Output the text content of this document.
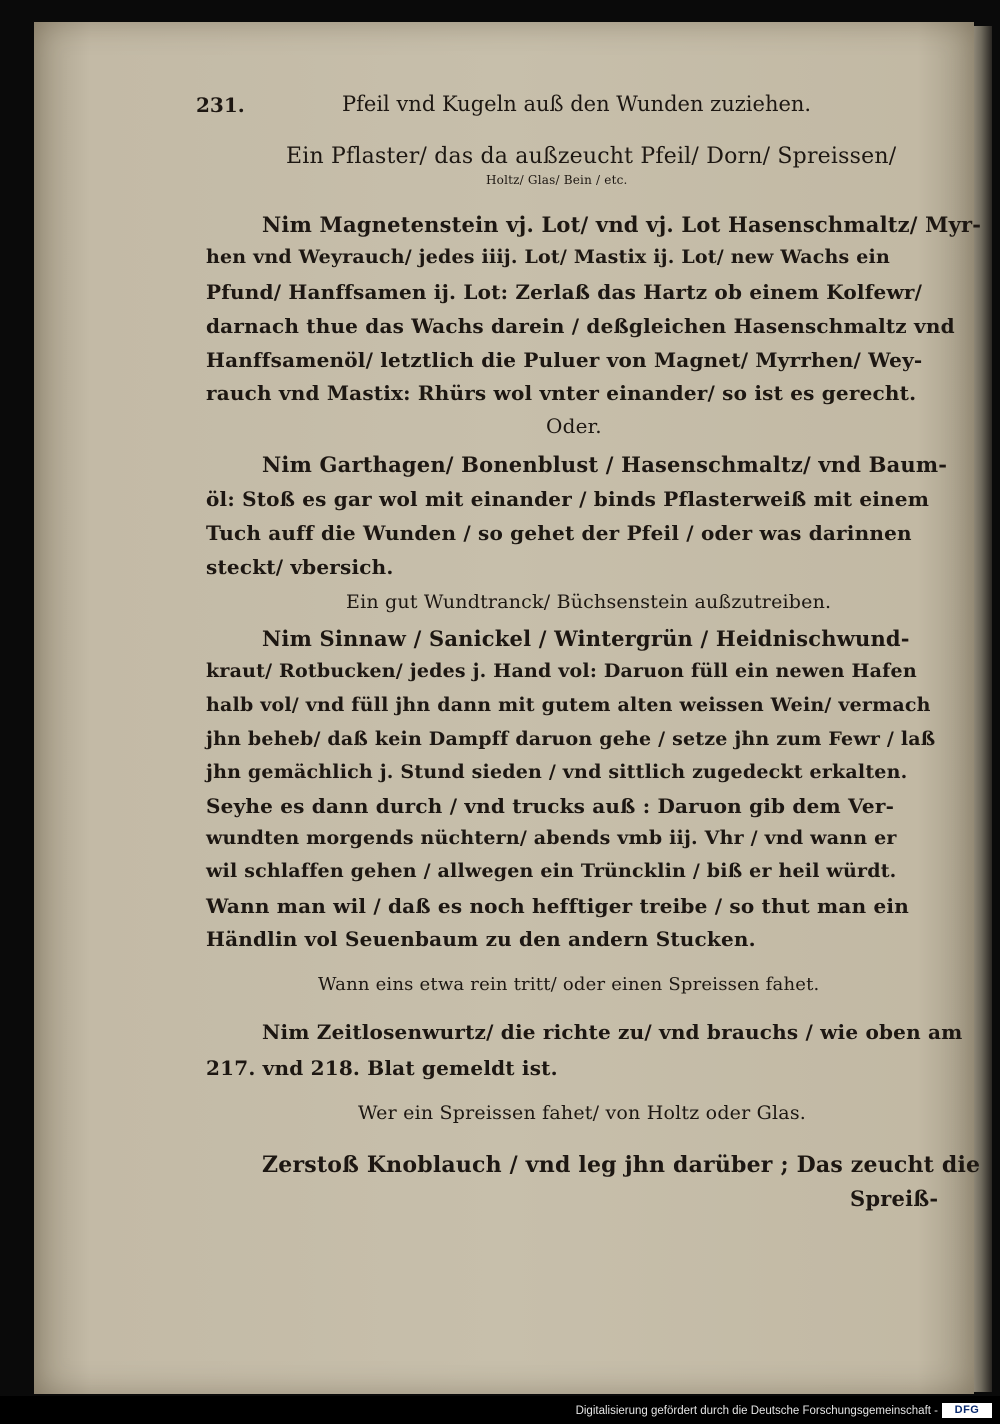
231.	Pfeil vnd Kugeln auß den Wunden zuziehen.
Ein Pflaster/ das da außzeucht Pfeil/ Dorn/ Spreissen/
Holtz/ Glas/ Bein / etc.
Nim Magnetenstein vj. Lot/ vnd vj. Lot Hasenschmaltz/ Myr-
hen vnd Weyrauch/ jedes iiij. Lot/ Mastix ij. Lot/ new Wachs ein
Pfund/ Hanffsamen ij. Lot: Zerlaß das Hartz ob einem Kolfewr/
darnach thue das Wachs darein / deßgleichen Hasenschmaltz vnd
Hanffsamenöl/ letztlich die Puluer von Magnet/ Myrrhen/ Wey-
rauch vnd Mastix: Rhürs wol vnter einander/ so ist es gerecht.
Oder.
Nim Garthagen/ Bonenblust / Hasenschmaltz/ vnd Baum-
öl: Stoß es gar wol mit einander / binds Pflasterweiß mit einem
Tuch auff die Wunden / so gehet der Pfeil / oder was darinnen
steckt/ vbersich.
Ein gut Wundtranck/ Büchsenstein außzutreiben.
Nim Sinnaw / Sanickel / Wintergrün / Heidnischwund-
kraut/ Rotbucken/ jedes j. Hand vol: Daruon füll ein newen Hafen
halb vol/ vnd füll jhn dann mit gutem alten weissen Wein/ vermach
jhn beheb/ daß kein Dampff daruon gehe / setze jhn zum Fewr / laß
jhn gemächlich j. Stund sieden / vnd sittlich zugedeckt erkalten.
Seyhe es dann durch / vnd trucks auß : Daruon gib dem Ver-
wundten morgends nüchtern/ abends vmb iij. Vhr / vnd wann er
wil schlaffen gehen / allwegen ein Trüncklin / biß er heil würdt.
Wann man wil / daß es noch hefftiger treibe / so thut man ein
Händlin vol Seuenbaum zu den andern Stucken.
Wann eins etwa rein tritt/ oder einen Spreissen fahet.
Nim Zeitlosenwurtz/ die richte zu/ vnd brauchs / wie oben am
217. vnd 218. Blat gemeldt ist.
Wer ein Spreissen fahet/ von Holtz oder Glas.
Zerstoß Knoblauch / vnd leg jhn darüber ; Das zeucht die
Spreiß-
Digitalisierung gefördert durch die Deutsche Forschungsgemeinschaft -	DFG
